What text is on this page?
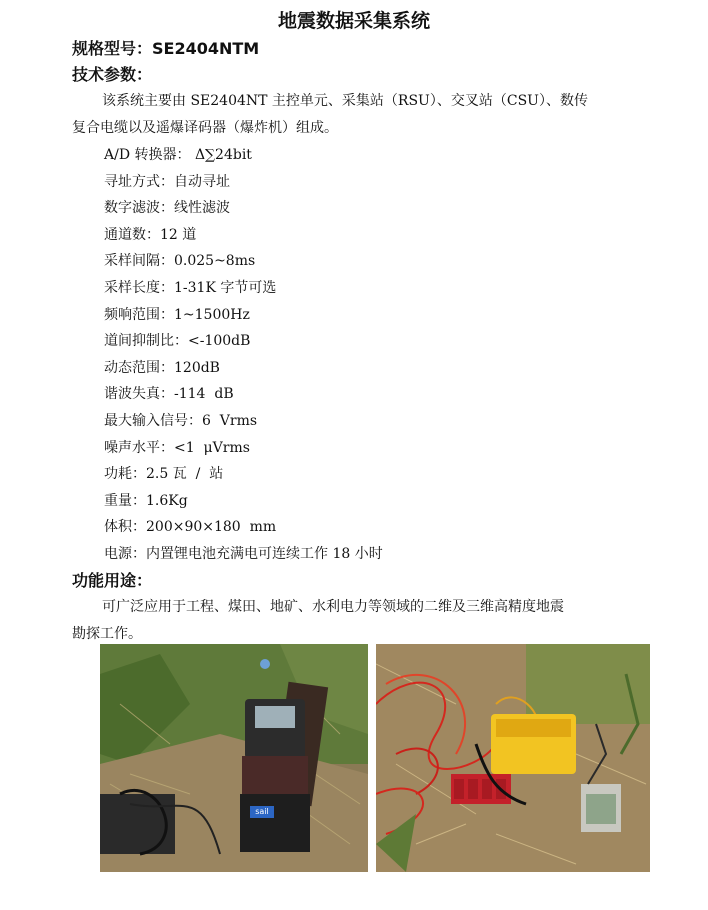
地震数据采集系统
规格型号：SE2404NTM
技术参数：
该系统主要由 SE2404NT 主控单元、采集站（RSU）、交叉站（CSU）、数传
复合电缆以及遥爆译码器（爆炸机）组成。
A/D 转换器： Δ∑24bit
寻址方式：自动寻址
数字滤波：线性滤波
通道数：12 道
采样间隔：0.025~8ms
采样长度：1-31K 字节可选
频响范围：1~1500Hz
道间抑制比：<-100dB
动态范围：120dB
谐波失真：-114  dB
最大输入信号：6  Vrms
噪声水平：<1  μVrms
功耗：2.5 瓦  /  站
重量：1.6Kg
体积：200×90×180  mm
电源：内置锂电池充满电可连续工作 18 小时
功能用途：
可广泛应用于工程、煤田、地矿、水利电力等领域的二维及三维高精度地震
勘探工作。
sail
